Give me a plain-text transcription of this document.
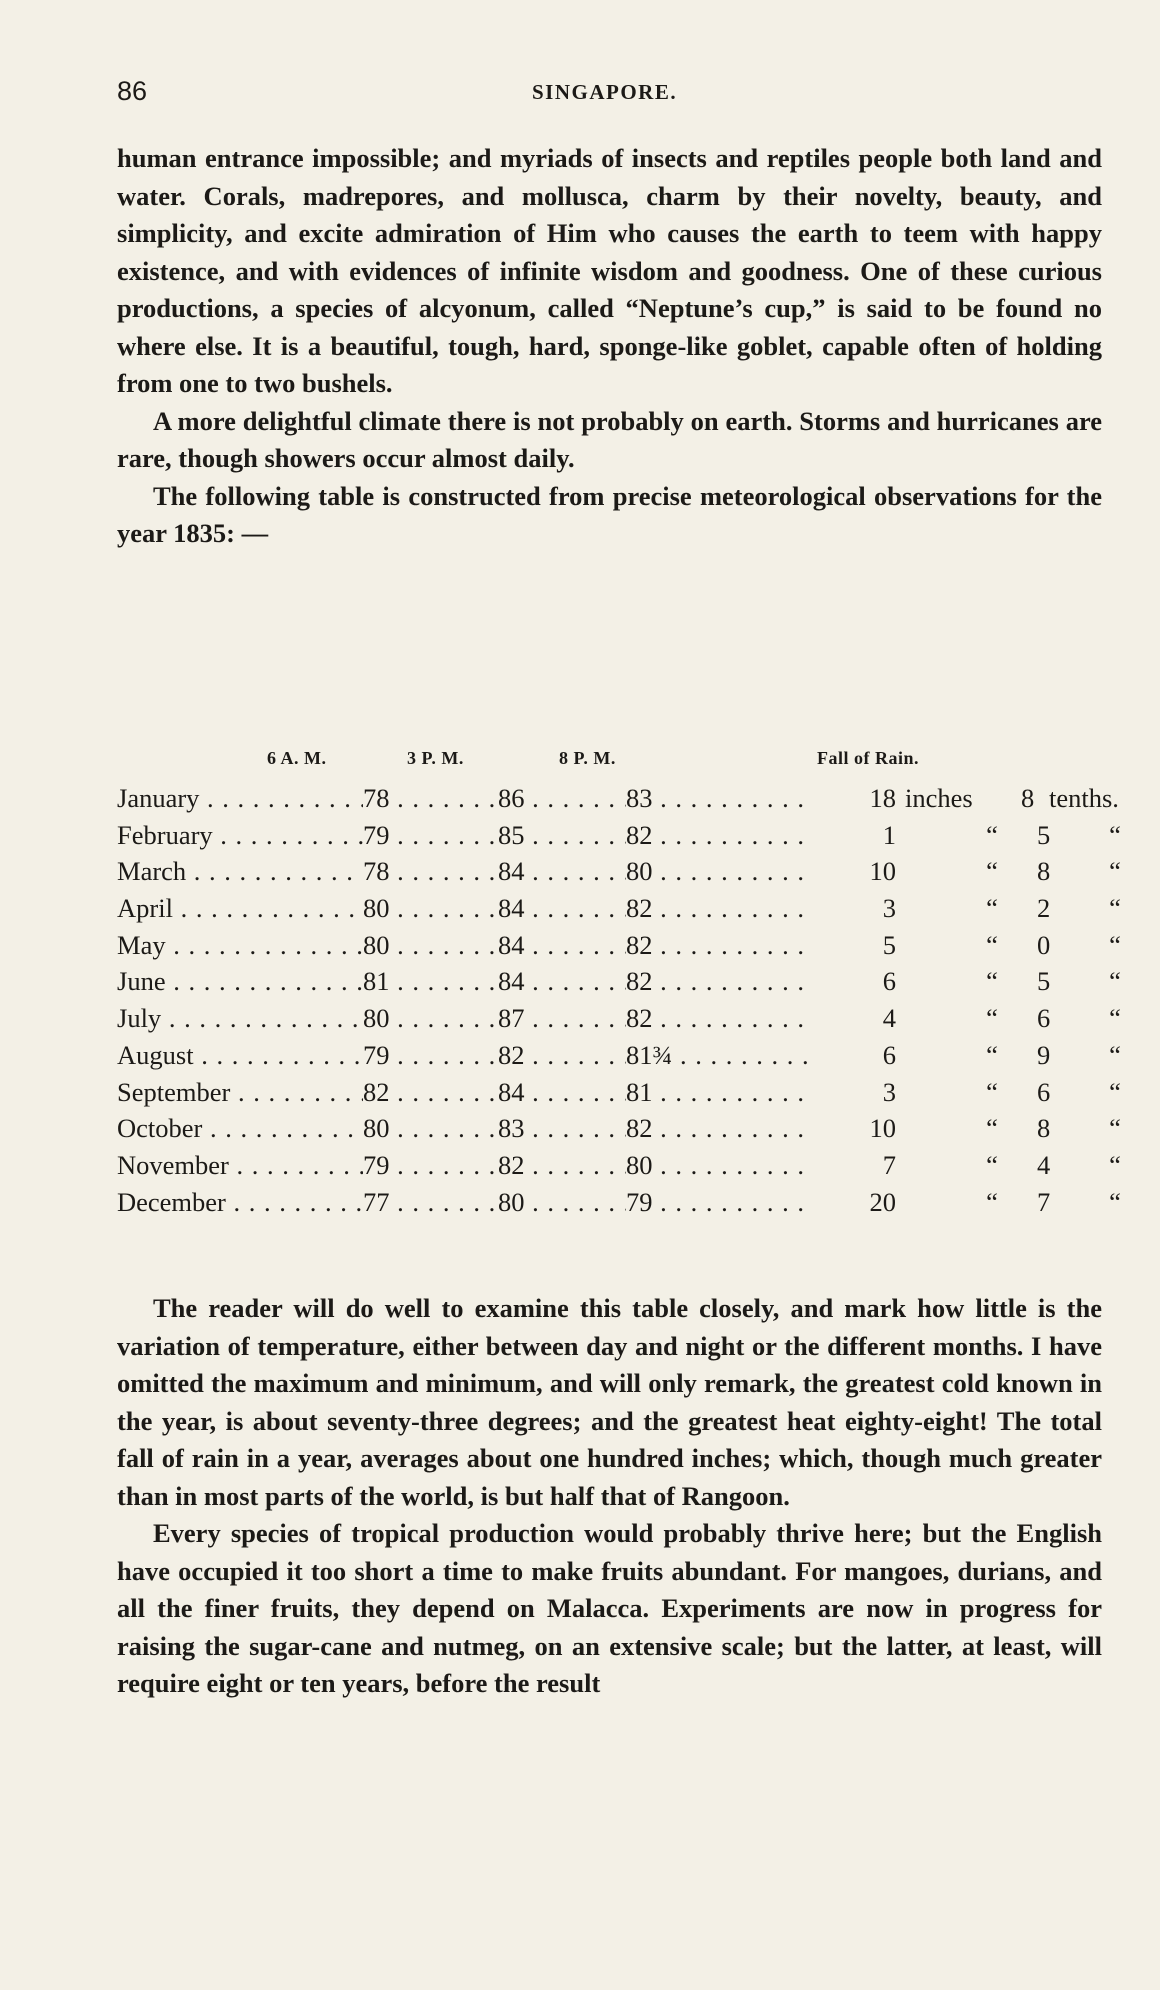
86	SINGAPORE.

human entrance impossible; and myriads of insects and reptiles people both land and water. Corals, madrepores, and mollusca, charm by their novelty, beauty, and simplicity, and excite admiration of Him who causes the earth to teem with happy existence, and with evidences of infinite wisdom and goodness. One of these curious productions, a species of alcyonum, called “Neptune’s cup,” is said to be found no where else. It is a beautiful, tough, hard, sponge-like goblet, capable often of holding from one to two bushels.

A more delightful climate there is not probably on earth. Storms and hurricanes are rare, though showers occur almost daily.

The following table is constructed from precise meteorological observations for the year 1835: —

6 A. M.	3 P. M.	8 P. M.	Fall of Rain.
January . . .	78 . . .	86 . . .	83 . . .	18 inches	8 tenths.
February . . .	79 . . .	85 . . .	82 . . .	1	“	5	“
March . . .	78 . . .	84 . . .	80 . . .	10	“	8	“
April . . .	80 . . .	84 . . .	82 . . .	3	“	2	“
May . . .	80 . . .	84 . . .	82 . . .	5	“	0	“
June . . .	81 . . .	84 . . .	82 . . .	6	“	5	“
July . . .	80 . . .	87 . . .	82 . . .	4	“	6	“
August . . .	79 . . .	82 . . .	81¾ . . .	6	“	9	“
September . . .	82 . . .	84 . . .	81 . . .	3	“	6	“
October . . .	80 . . .	83 . . .	82 . . .	10	“	8	“
November . . .	79 . . .	82 . . .	80 . . .	7	“	4	“
December . . .	77 . . .	80 . . .	79 . . .	20	“	7	“

The reader will do well to examine this table closely, and mark how little is the variation of temperature, either between day and night or the different months. I have omitted the maximum and minimum, and will only remark, the greatest cold known in the year, is about seventy-three degrees; and the greatest heat eighty-eight! The total fall of rain in a year, averages about one hundred inches; which, though much greater than in most parts of the world, is but half that of Rangoon.

Every species of tropical production would probably thrive here; but the English have occupied it too short a time to make fruits abundant. For mangoes, durians, and all the finer fruits, they depend on Malacca. Experiments are now in progress for raising the sugar-cane and nutmeg, on an extensive scale; but the latter, at least, will require eight or ten years, before the result
